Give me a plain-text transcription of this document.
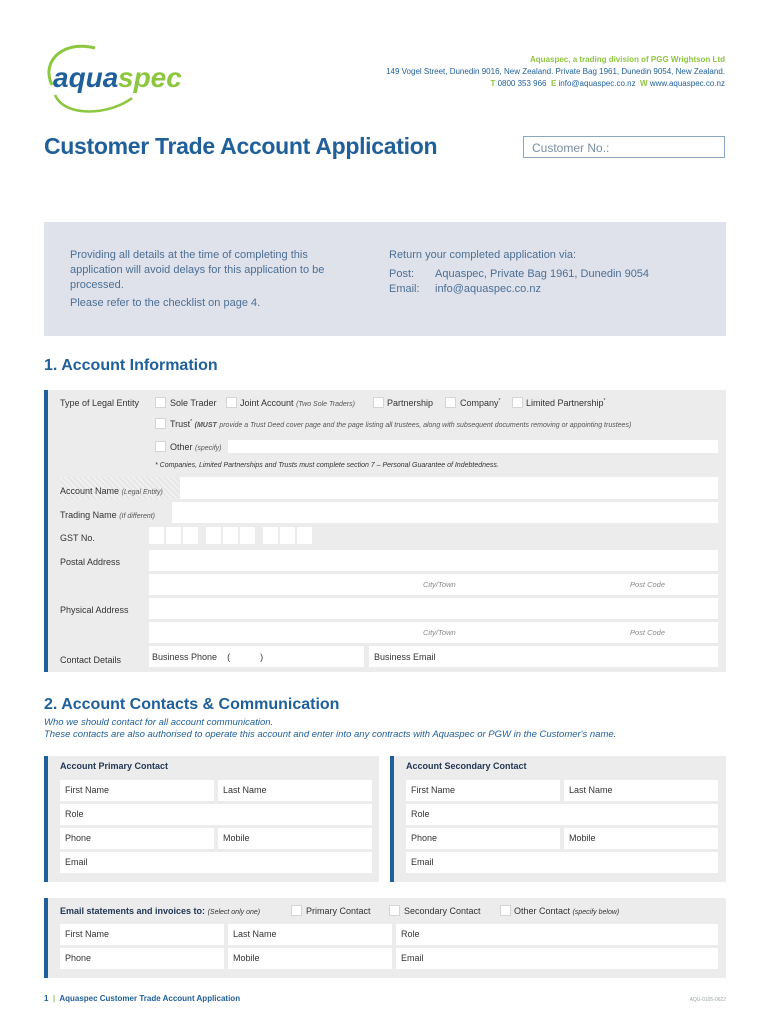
aqua spec
Aquaspec, a trading division of PGG Wrightson Ltd
149 Vogel Street, Dunedin 9016, New Zealand. Private Bag 1961, Dunedin 9054, New Zealand.
T 0800 353 966 E info@aquaspec.co.nz W www.aquaspec.co.nz
Customer Trade Account Application	Customer No.:

Providing all details at the time of completing this application will avoid delays for this application to be processed.

Please refer to the checklist on page 4.

Return your completed application via:

Post: Aquaspec, Private Bag 1961, Dunedin 9054

Email: info@aquaspec.co.nz

1. Account Information
Type of Legal Entity	Sole Trader	Joint Account (Two Sole Traders)	Partnership	Company*	Limited Partnership*
Trust* (MUST provide a Trust Deed cover page and the page listing all trustees, along with subsequent documents removing or appointing trustees)
Other (specify)
* Companies, Limited Partnerships and Trusts must complete section 7 – Personal Guarantee of Indebtedness.
Account Name (Legal Entity)
Trading Name (If different)
GST No.
Postal Address
City/Town	Post Code
Physical Address
City/Town	Post Code
Contact Details	Business Phone (	)	Business Email
2. Account Contacts & Communication
Who we should contact for all account communication.
These contacts are also authorised to operate this account and enter into any contracts with Aquaspec or PGW in the Customer's name.
Account Primary Contact
First Name	Last Name
Role
Phone	Mobile
Email
Account Secondary Contact
First Name	Last Name
Role
Phone	Mobile
Email
Email statements and invoices to: (Select only one)	Primary Contact	Secondary Contact	Other Contact (specify below)
First Name	Last Name	Role
Phone	Mobile	Email
1 | Aquaspec Customer Trade Account Application	AQU-0105-0622
